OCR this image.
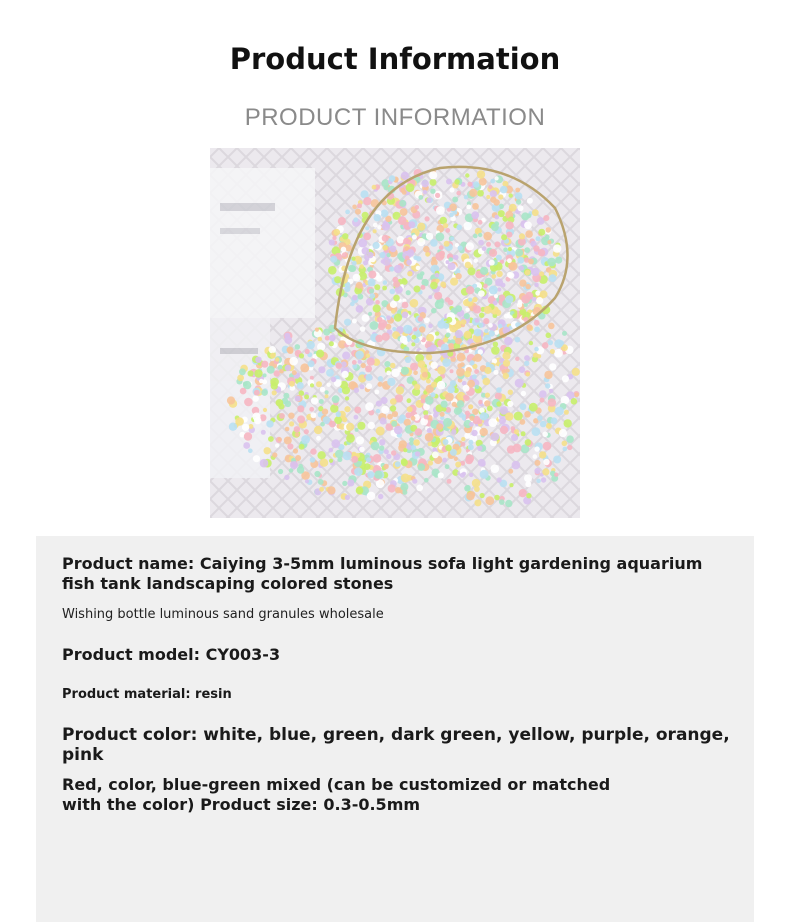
Product Information
PRODUCT INFORMATION
Product name: Caiying 3-5mm luminous sofa light gardening aquarium fish tank landscaping colored stones
Wishing bottle luminous sand granules wholesale
Product model: CY003-3
Product material: resin
Product color: white, blue, green, dark green, yellow, purple, orange, pink
Red, color, blue-green mixed (can be customized or matched with the color) Product size: 0.3-0.5mm
